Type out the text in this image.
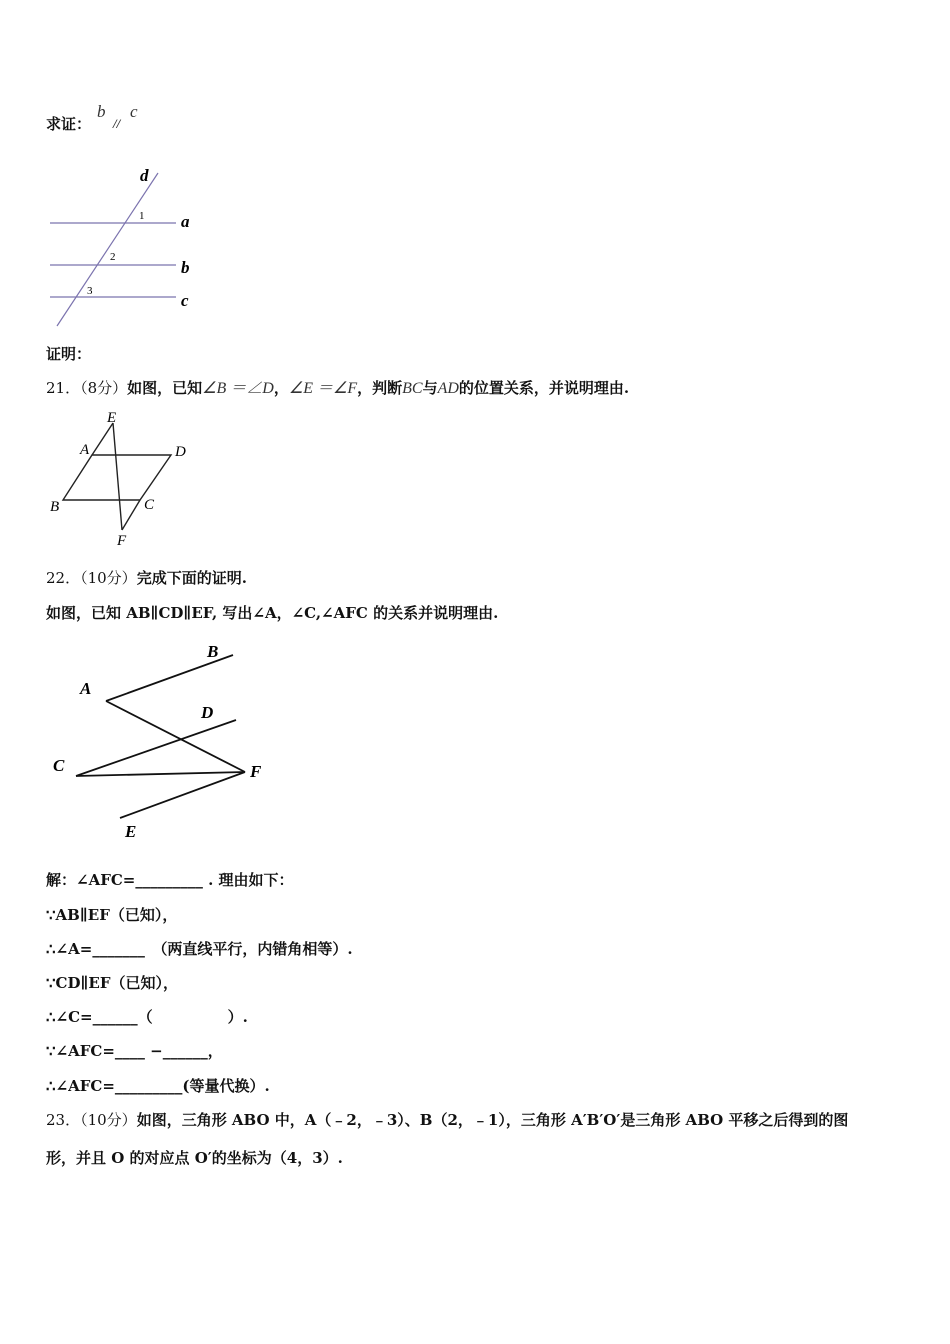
求证：
b
//
c
d
a
b
c
1
2
3
证明：
21．（8分）如图，已知∠B ＝∠D，∠E ＝∠F，判断BC与AD的位置关系，并说明理由.
E
A	D
B	C
F
22．（10分）完成下面的证明.
如图，已知 AB∥CD∥EF, 写出∠A，∠C,∠AFC 的关系并说明理由.
B
A
D
C	F
E
解：∠AFC=_________ . 理由如下：
∵AB∥EF（已知），
∴∠A=_______　（两直线平行，内错角相等）.
∵CD∥EF（已知），
∴∠C=______（　　　　　）.
∵∠AFC=____ −______，
∴∠AFC=_________(等量代换）.
23．（10分）如图，三角形 ABO 中，A（﹣2，﹣3）、B（2，﹣1），三角形 A′B′O′是三角形 ABO 平移之后得到的图
形，并且 O 的对应点 O′的坐标为（4，3）.
